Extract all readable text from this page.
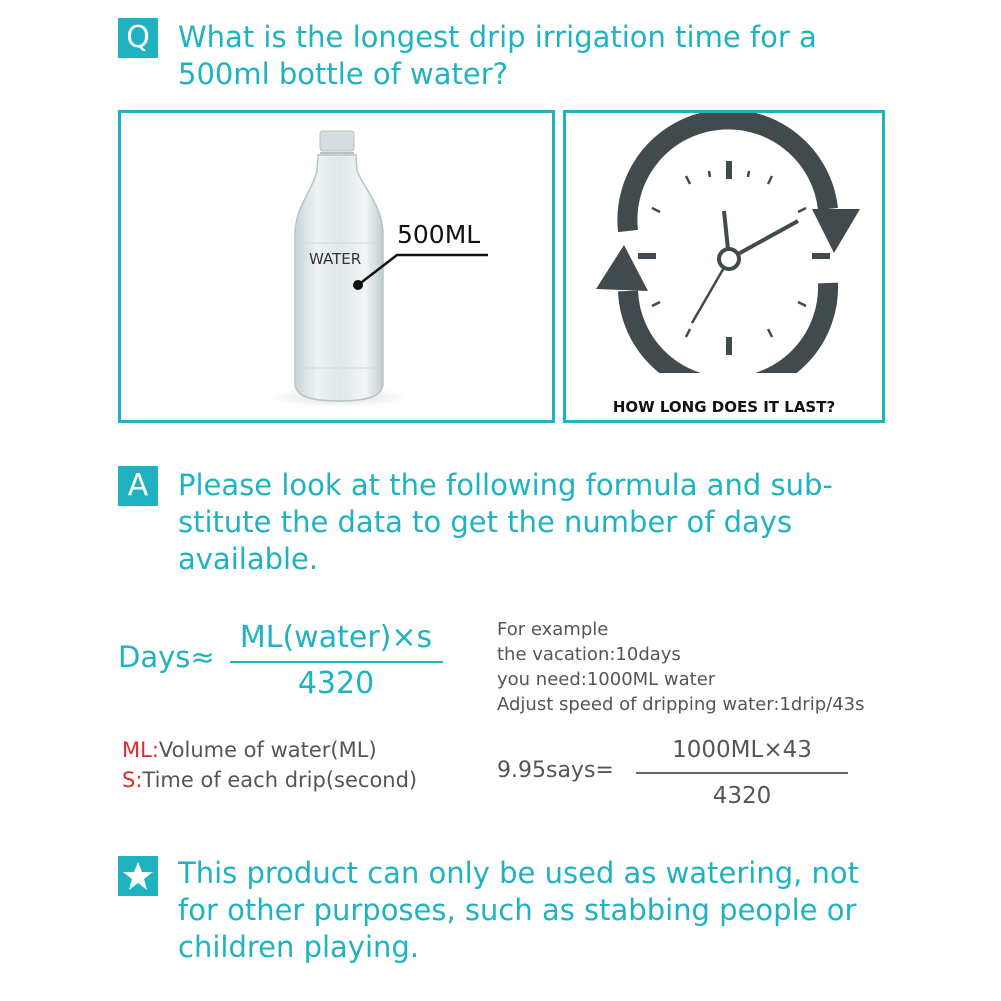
Q What is the longest drip irrigation time for a
500ml bottle of water?
WATER
500ML
HOW LONG DOES IT LAST?
A	Please look at the following formula and sub-
stitute the data to get the number of days
available.
Days≈
ML(water)×s
4320
For example
the vacation:10days
you need:1000ML water
Adjust speed of dripping water:1drip/43s
ML:Volume of water(ML)
S:Time of each drip(second)	9.95says=
1000ML×43
4320
This product can only be used as watering, not
for other purposes, such as stabbing people or
children playing.
